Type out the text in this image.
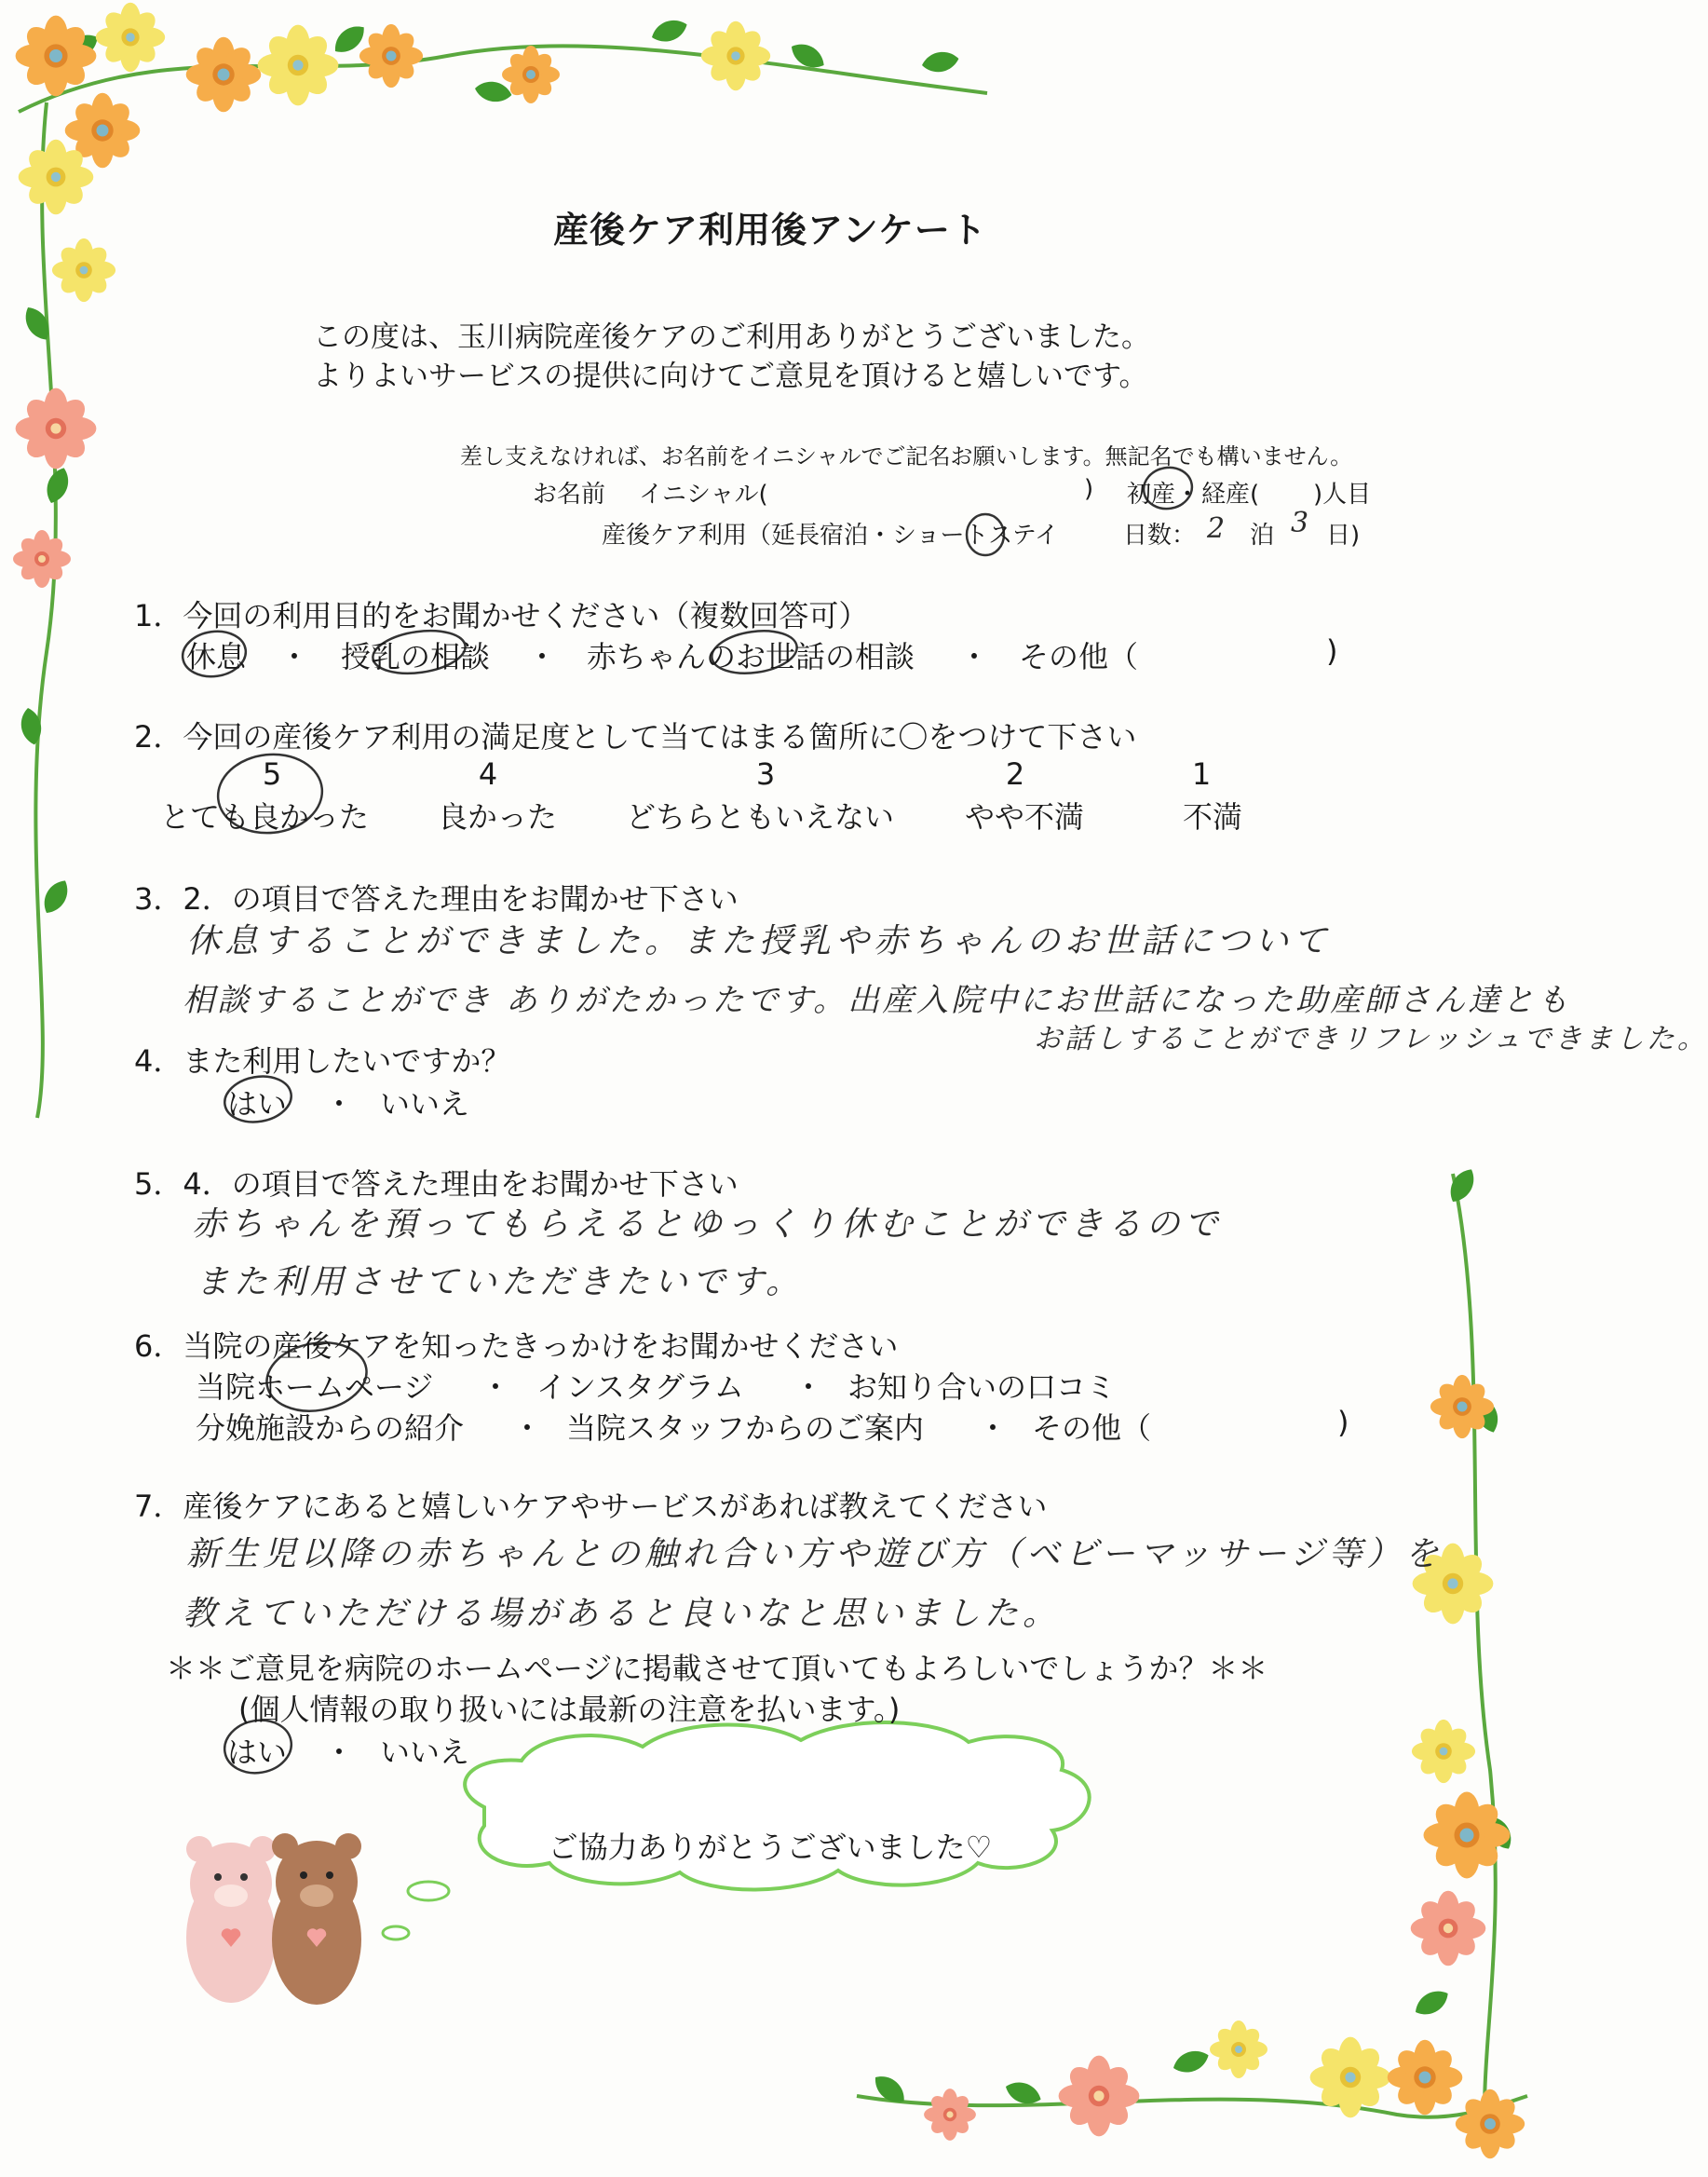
産後ケア利用後アンケート
この度は、玉川病院産後ケアのご利用ありがとうございました。
よりよいサービスの提供に向けてご意見を頂けると嬉しいです。
差し支えなければ、お名前をイニシャルでご記名お願いします。無記名でも構いません。
お名前 イニシャル(	) 初産 ・ 経産( )人目
産後ケア利用（延長宿泊・ショートステイ	日数： 2 泊 3 日)
1．今回の利用目的をお聞かせください（複数回答可）
休息 ・ 授乳の相談 ・ 赤ちゃんのお世話の相談 ・ その他（	)
2．今回の産後ケア利用の満足度として当てはまる箇所に〇をつけて下さい
5	4	3	2	1
とても良かった 良かった どちらともいえない やや不満	不満
3．2．の項目で答えた理由をお聞かせ下さい
休息することができました。また授乳や赤ちゃんのお世話について
相談することができ ありがたかったです。出産入院中にお世話になった助産師さん達とも
お話しすることができリフレッシュできました。
4．また利用したいですか？
はい ・ いいえ
5．4．の項目で答えた理由をお聞かせ下さい
赤ちゃんを預ってもらえるとゆっくり休むことができるので
また利用させていただきたいです。
6．当院の産後ケアを知ったきっかけをお聞かせください
当院ホームページ ・ インスタグラム ・ お知り合いの口コミ
分娩施設からの紹介 ・ 当院スタッフからのご案内 ・ その他（	)
7．産後ケアにあると嬉しいケアやサービスがあれば教えてください
新生児以降の赤ちゃんとの触れ合い方や遊び方（ベビーマッサージ等）を
教えていただける場があると良いなと思いました。
＊＊ご意見を病院のホームページに掲載させて頂いてもよろしいでしょうか？＊＊
(個人情報の取り扱いには最新の注意を払います。)
はい ・ いいえ
ご協力ありがとうございました♡
